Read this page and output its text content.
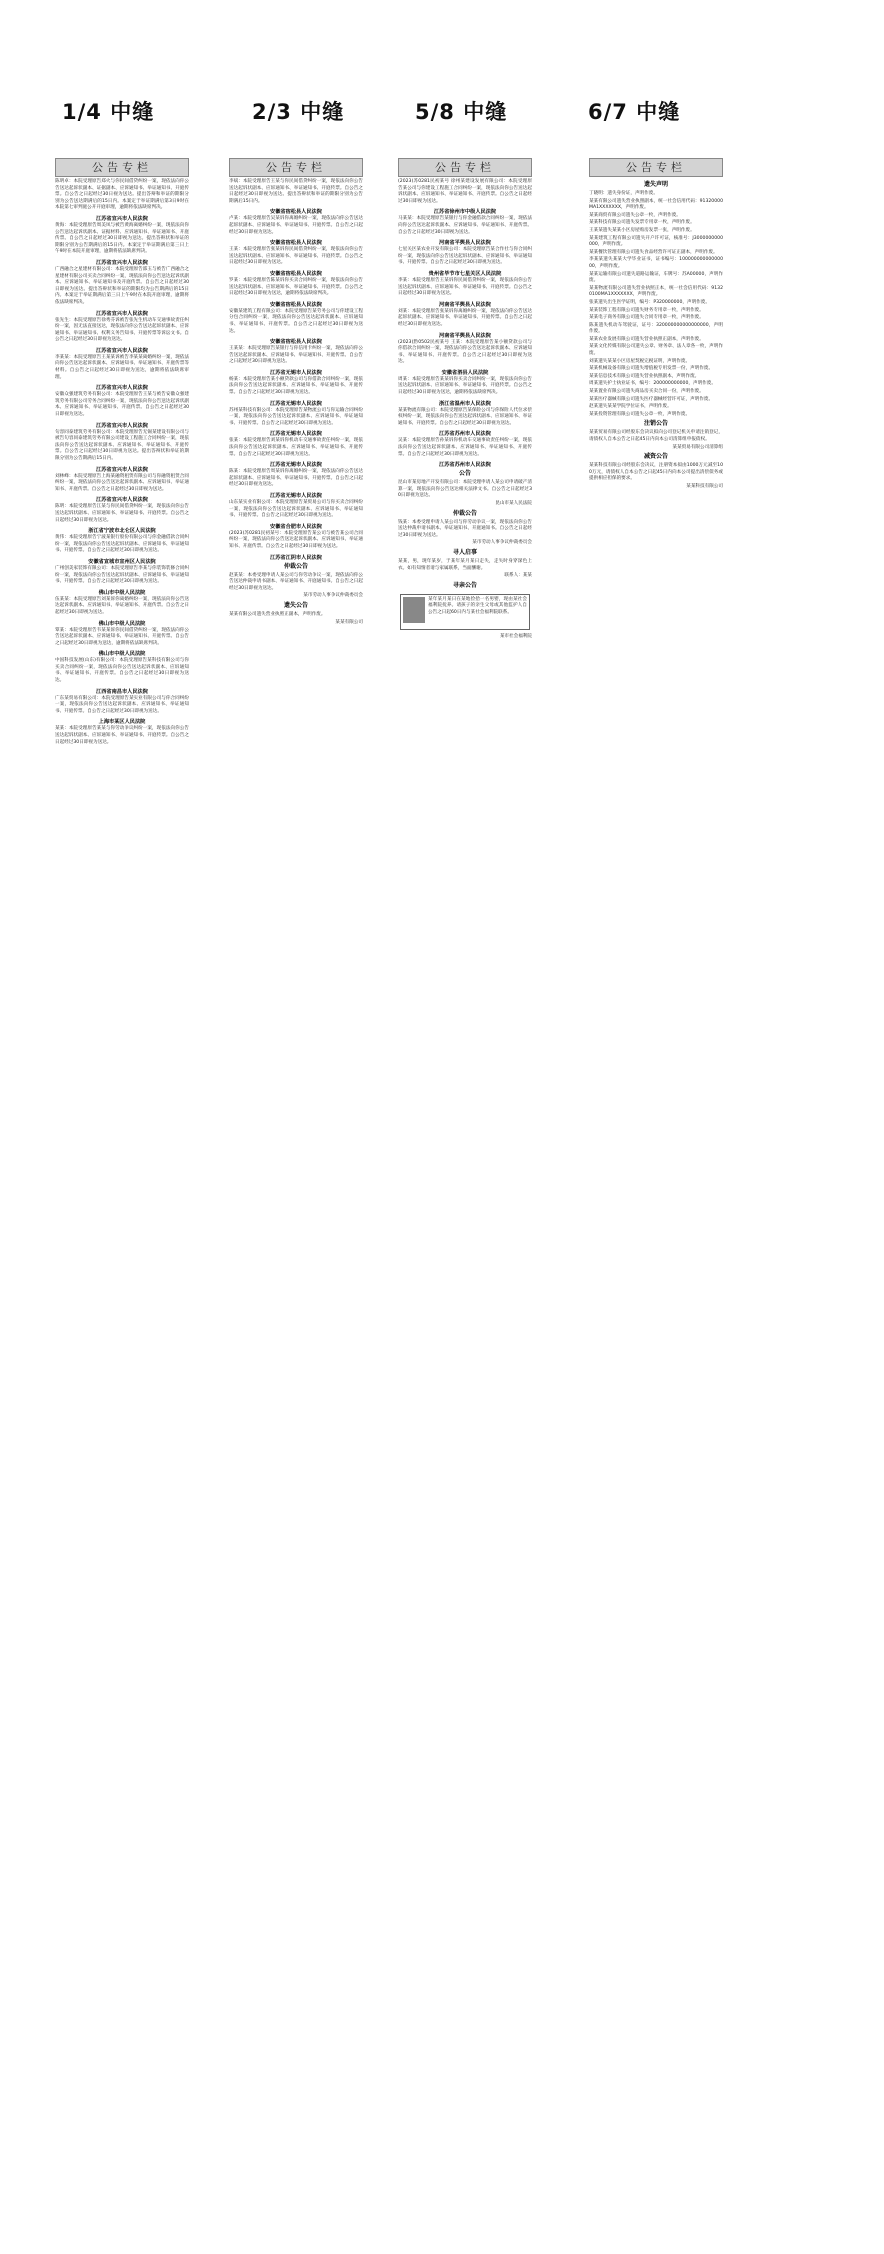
1/4 中缝	2/3 中缝	5/8 中缝	6/7 中缝
公告专栏

陈明卓：本院受理原告郑火与你民间借贷纠纷一案，现依法向你公告送达起诉状副本、证据副本、应诉通知书、举证通知书、开庭传票。自公告之日起经过30日视为送达。提出答辩和举证的期限分别为公告送达期满后的15日内。本案定于举证期满后第3日9时在本院第七审判庭公开开庭审理，逾期将依法缺席判决。

江苏省宜兴市人民法院

黄海：本院受理原告周美凤与被告黄海离婚纠纷一案，现依法向你公告送达起诉状副本、证据材料、应诉通知书、举证通知书、开庭传票。自公告之日起经过30日即视为送达。提出答辩状和举证的期限分别为公告期满后的15日内。本案定于举证期满后第三日上午9时在本院开庭审理，逾期将依法缺席判决。

江苏省宜兴市人民法院

广西融合之星建材有限公司：本院受理原告邵玉与被告广西融合之星建材有限公司买卖合同纠纷一案，现依法向你公告送达起诉状副本、应诉通知书、举证通知书及开庭传票。自公告之日起经过30日即视为送达。提出答辩状和举证的期限均为公告期满后的15日内。本案定于举证期满后第三日上午9时在本院开庭审理，逾期将依法缺席判决。

江苏省宜兴市人民法院

张先生：本院受理原告徐秀芬诉被告张先生机动车交通事故责任纠纷一案，因无法直接送达，现依法向你公告送达起诉状副本、应诉通知书、举证通知书、权利义务告知书、开庭传票等诉讼文书。自公告之日起经过30日即视为送达。

江苏省宜兴市人民法院

李某某：本院受理原告王某某诉被告李某某离婚纠纷一案，现依法向你公告送达起诉状副本、应诉通知书、举证通知书、开庭传票等材料。自公告之日起经过30日即视为送达，逾期将依法缺席审理。

江苏省宜兴市人民法院

安徽众强建筑劳务有限公司：本院受理原告王某与被告安徽众强建筑劳务有限公司劳务合同纠纷一案，现依法向你公告送达起诉状副本、应诉通知书、举证通知书、开庭传票。自公告之日起经过30日即视为送达。

江苏省宜兴市人民法院

句容同泰建筑劳务有限公司：本院受理原告无锡某建设有限公司与被告句容同泰建筑劳务有限公司建设工程施工合同纠纷一案，现依法向你公告送达起诉状副本、应诉通知书、举证通知书、开庭传票。自公告之日起经过30日即视为送达。提出答辩状和举证的期限分别为公告期满后15日内。

江苏省宜兴市人民法院

刘林峰：本院受理原告上海某融资租赁有限公司与你融资租赁合同纠纷一案，现依法向你公告送达起诉状副本、应诉通知书、举证通知书、开庭传票。自公告之日起经过30日即视为送达。

江苏省宜兴市人民法院

陈明：本院受理原告江某与你民间借贷纠纷一案，现依法向你公告送达起诉状副本、应诉通知书、举证通知书、开庭传票。自公告之日起经过30日即视为送达。

浙江省宁波市北仑区人民法院

黄伟：本院受理原告宁波某银行股份有限公司与你金融借款合同纠纷一案，现依法向你公告送达起诉状副本、应诉通知书、举证通知书、开庭传票。自公告之日起经过30日即视为送达。

安徽省宣城市宣州区人民法院

广州创美家装饰有限公司：本院受理原告李某与你装饰装修合同纠纷一案，现依法向你公告送达起诉状副本、应诉通知书、举证通知书、开庭传票。自公告之日起经过30日即视为送达。

佛山市中级人民法院

伍某某：本院受理原告刘某诉你离婚纠纷一案，现依法向你公告送达起诉状副本、应诉通知书、举证通知书、开庭传票。自公告之日起经过30日即视为送达。

佛山市中级人民法院

覃某：本院受理原告韦某某诉你民间借贷纠纷一案，现依法向你公告送达起诉状副本、应诉通知书、举证通知书、开庭传票。自公告之日起经过30日即视为送达，逾期将依法缺席判决。

佛山市中级人民法院

中国科技发展(山东)有限公司：本院受理原告某科技有限公司与你买卖合同纠纷一案，现依法向你公告送达起诉状副本、应诉通知书、举证通知书、开庭传票。自公告之日起经过30日即视为送达。

江西省南昌市人民法院

广东某贸易有限公司：本院受理原告某实业有限公司与你合同纠纷一案，现依法向你公告送达起诉状副本、应诉通知书、举证通知书、开庭传票。自公告之日起经过30日即视为送达。

上海市某区人民法院

某某：本院受理原告某某与你劳动争议纠纷一案，现依法向你公告送达起诉状副本、应诉通知书、举证通知书、开庭传票。自公告之日起经过30日即视为送达。

公告专栏

李斌：本院受理原告王某与你民间借贷纠纷一案，现依法向你公告送达起诉状副本、应诉通知书、举证通知书、开庭传票。自公告之日起经过30日即视为送达。提出答辩状和举证的期限分别为公告期满后15日内。

安徽省宿松县人民法院

卢某：本院受理原告吴某诉你离婚纠纷一案，现依法向你公告送达起诉状副本、应诉通知书、举证通知书、开庭传票。自公告之日起经过30日即视为送达。

安徽省宿松县人民法院

王某：本院受理原告张某诉你民间借贷纠纷一案，现依法向你公告送达起诉状副本、应诉通知书、举证通知书、开庭传票。自公告之日起经过30日即视为送达。

安徽省宿松县人民法院

罗某：本院受理原告陈某诉你买卖合同纠纷一案，现依法向你公告送达起诉状副本、应诉通知书、举证通知书、开庭传票。自公告之日起经过30日即视为送达，逾期将依法缺席判决。

安徽省宿松县人民法院

安徽某建筑工程有限公司：本院受理原告某劳务公司与你建设工程分包合同纠纷一案，现依法向你公告送达起诉状副本、应诉通知书、举证通知书、开庭传票。自公告之日起经过30日即视为送达。

安徽省宿松县人民法院

王某某：本院受理原告某银行与你信用卡纠纷一案，现依法向你公告送达起诉状副本、应诉通知书、举证通知书、开庭传票。自公告之日起经过30日即视为送达。

江苏省无锡市人民法院

杨某：本院受理原告某小额贷款公司与你借款合同纠纷一案，现依法向你公告送达起诉状副本、应诉通知书、举证通知书、开庭传票。自公告之日起经过30日即视为送达。

江苏省无锡市人民法院

苏州某科技有限公司：本院受理原告某物流公司与你运输合同纠纷一案，现依法向你公告送达起诉状副本、应诉通知书、举证通知书、开庭传票。自公告之日起经过30日即视为送达。

江苏省无锡市人民法院

张某：本院受理原告刘某诉你机动车交通事故责任纠纷一案，现依法向你公告送达起诉状副本、应诉通知书、举证通知书、开庭传票。自公告之日起经过30日即视为送达。

江苏省无锡市人民法院

陈某：本院受理原告周某诉你离婚纠纷一案，现依法向你公告送达起诉状副本、应诉通知书、举证通知书、开庭传票。自公告之日起经过30日即视为送达。

江苏省无锡市人民法院

山东某实业有限公司：本院受理原告某贸易公司与你买卖合同纠纷一案，现依法向你公告送达起诉状副本、应诉通知书、举证通知书、开庭传票。自公告之日起经过30日即视为送达。

安徽省合肥市人民法院

(2023)苏0281民初某号：本院受理原告某公司与被告某公司合同纠纷一案，现依法向你公告送达起诉状副本、应诉通知书、举证通知书、开庭传票。自公告之日起经过30日即视为送达。

江苏省江阴市人民法院
仲裁公告

赵某某：本委受理申请人某公司与你劳动争议一案，现依法向你公告送达仲裁申请书副本、举证通知书、开庭通知书。自公告之日起经过30日即视为送达。

某市劳动人事争议仲裁委员会
遗失公告

某某有限公司遗失营业执照正副本，声明作废。

某某有限公司
公告专栏

(2023)苏0281民初某号 徐州某建设发展有限公司：本院受理原告某公司与你建设工程施工合同纠纷一案，现依法向你公告送达起诉状副本、应诉通知书、举证通知书、开庭传票。自公告之日起经过30日即视为送达。

江苏省徐州市中级人民法院

马某某：本院受理原告某银行与你金融借款合同纠纷一案，现依法向你公告送达起诉状副本、应诉通知书、举证通知书、开庭传票。自公告之日起经过30日即视为送达。

河南省平舆县人民法院

七星关区某农业开发有限公司：本院受理原告某合作社与你合同纠纷一案，现依法向你公告送达起诉状副本、应诉通知书、举证通知书、开庭传票。自公告之日起经过30日即视为送达。

贵州省毕节市七星关区人民法院

李某：本院受理原告王某诉你民间借贷纠纷一案，现依法向你公告送达起诉状副本、应诉通知书、举证通知书、开庭传票。自公告之日起经过30日即视为送达。

河南省平舆县人民法院

刘某：本院受理原告张某诉你离婚纠纷一案，现依法向你公告送达起诉状副本、应诉通知书、举证通知书、开庭传票。自公告之日起经过30日即视为送达。

河南省平舆县人民法院

(2023)黔0502民初某号 王某：本院受理原告某小额贷款公司与你借款合同纠纷一案，现依法向你公告送达起诉状副本、应诉通知书、举证通知书、开庭传票。自公告之日起经过30日即视为送达。

安徽省泗县人民法院

周某：本院受理原告某某诉你买卖合同纠纷一案，现依法向你公告送达起诉状副本、应诉通知书、举证通知书、开庭传票。自公告之日起经过30日即视为送达，逾期将依法缺席判决。

浙江省温州市人民法院

某某物流有限公司：本院受理原告某保险公司与你保险人代位求偿权纠纷一案，现依法向你公告送达起诉状副本、应诉通知书、举证通知书、开庭传票。自公告之日起经过30日即视为送达。

江苏省苏州市人民法院

吴某：本院受理原告孙某诉你机动车交通事故责任纠纷一案，现依法向你公告送达起诉状副本、应诉通知书、举证通知书、开庭传票。自公告之日起经过30日即视为送达。

江苏省苏州市人民法院
公告

昆山市某房地产开发有限公司：本院受理申请人某公司申请破产清算一案，现依法向你公告送达相关法律文书。自公告之日起经过30日即视为送达。

昆山市某人民法院
仲裁公告

钱某：本委受理申请人某公司与你劳动争议一案，现依法向你公告送达仲裁申请书副本、举证通知书、开庭通知书。自公告之日起经过30日即视为送达。

某市劳动人事争议仲裁委员会
寻人启事

某某，男，现年某岁，于某年某月某日走失，走失时身穿深色上衣。如有知情者请与家属联系，当面酬谢。

联系人：某某
寻亲公告

某年某月某日在某地捡拾一名男婴，现由某社会福利院抚养。请孩子的亲生父母或其他监护人自公告之日起60日内与某社会福利院联系。

某市社会福利院
公告专栏
遗失声明

丁晓明：遗失身份证，声明作废。

某某有限公司遗失营业执照副本，统一社会信用代码：91320000MA1XXXXXXX，声明作废。

某某商贸有限公司遗失公章一枚，声明作废。

某某科技有限公司遗失发票专用章一枚，声明作废。

王某某遗失某某小区房屋购房发票一张，声明作废。

某某建筑工程有限公司遗失开户许可证，核准号：J3000000000000，声明作废。

某某餐饮管理有限公司遗失食品经营许可证正副本，声明作废。

李某某遗失某某大学毕业证书，证书编号：10000000000000000，声明作废。

某某运输有限公司遗失道路运输证，车牌号：苏A00000，声明作废。

某某物流有限公司遗失营业执照正本，统一社会信用代码：91320100MA1XXXXXXX，声明作废。

张某遗失出生医学证明，编号：P320000000，声明作废。

某某装饰工程有限公司遗失财务专用章一枚，声明作废。

某某电子商务有限公司遗失合同专用章一枚，声明作废。

陈某遗失机动车驾驶证，证号：320000000000000000，声明作废。

某某农业发展有限公司遗失营业执照正副本，声明作废。

某某文化传媒有限公司遗失公章、财务章、法人章各一枚，声明作废。

刘某遗失某某小区房屋契税完税证明，声明作废。

某某机械设备有限公司遗失增值税专用发票一份，声明作废。

某某信息技术有限公司遗失营业执照副本，声明作废。

周某遗失护士执业证书，编号：200000000000，声明作废。

某某置业有限公司遗失商品房买卖合同一份，声明作废。

某某医疗器械有限公司遗失医疗器械经营许可证，声明作废。

赵某遗失某某学院学位证书，声明作废。

某某投资管理有限公司遗失公章一枚，声明作废。

注销公告

某某贸易有限公司经股东会决议拟向公司登记机关申请注销登记，请债权人自本公告之日起45日内向本公司清算组申报债权。

某某贸易有限公司清算组
减资公告

某某科技有限公司经股东会决议，注册资本拟由1000万元减至100万元，请债权人自本公告之日起45日内向本公司提出清偿债务或提供相应担保的要求。

某某科技有限公司
